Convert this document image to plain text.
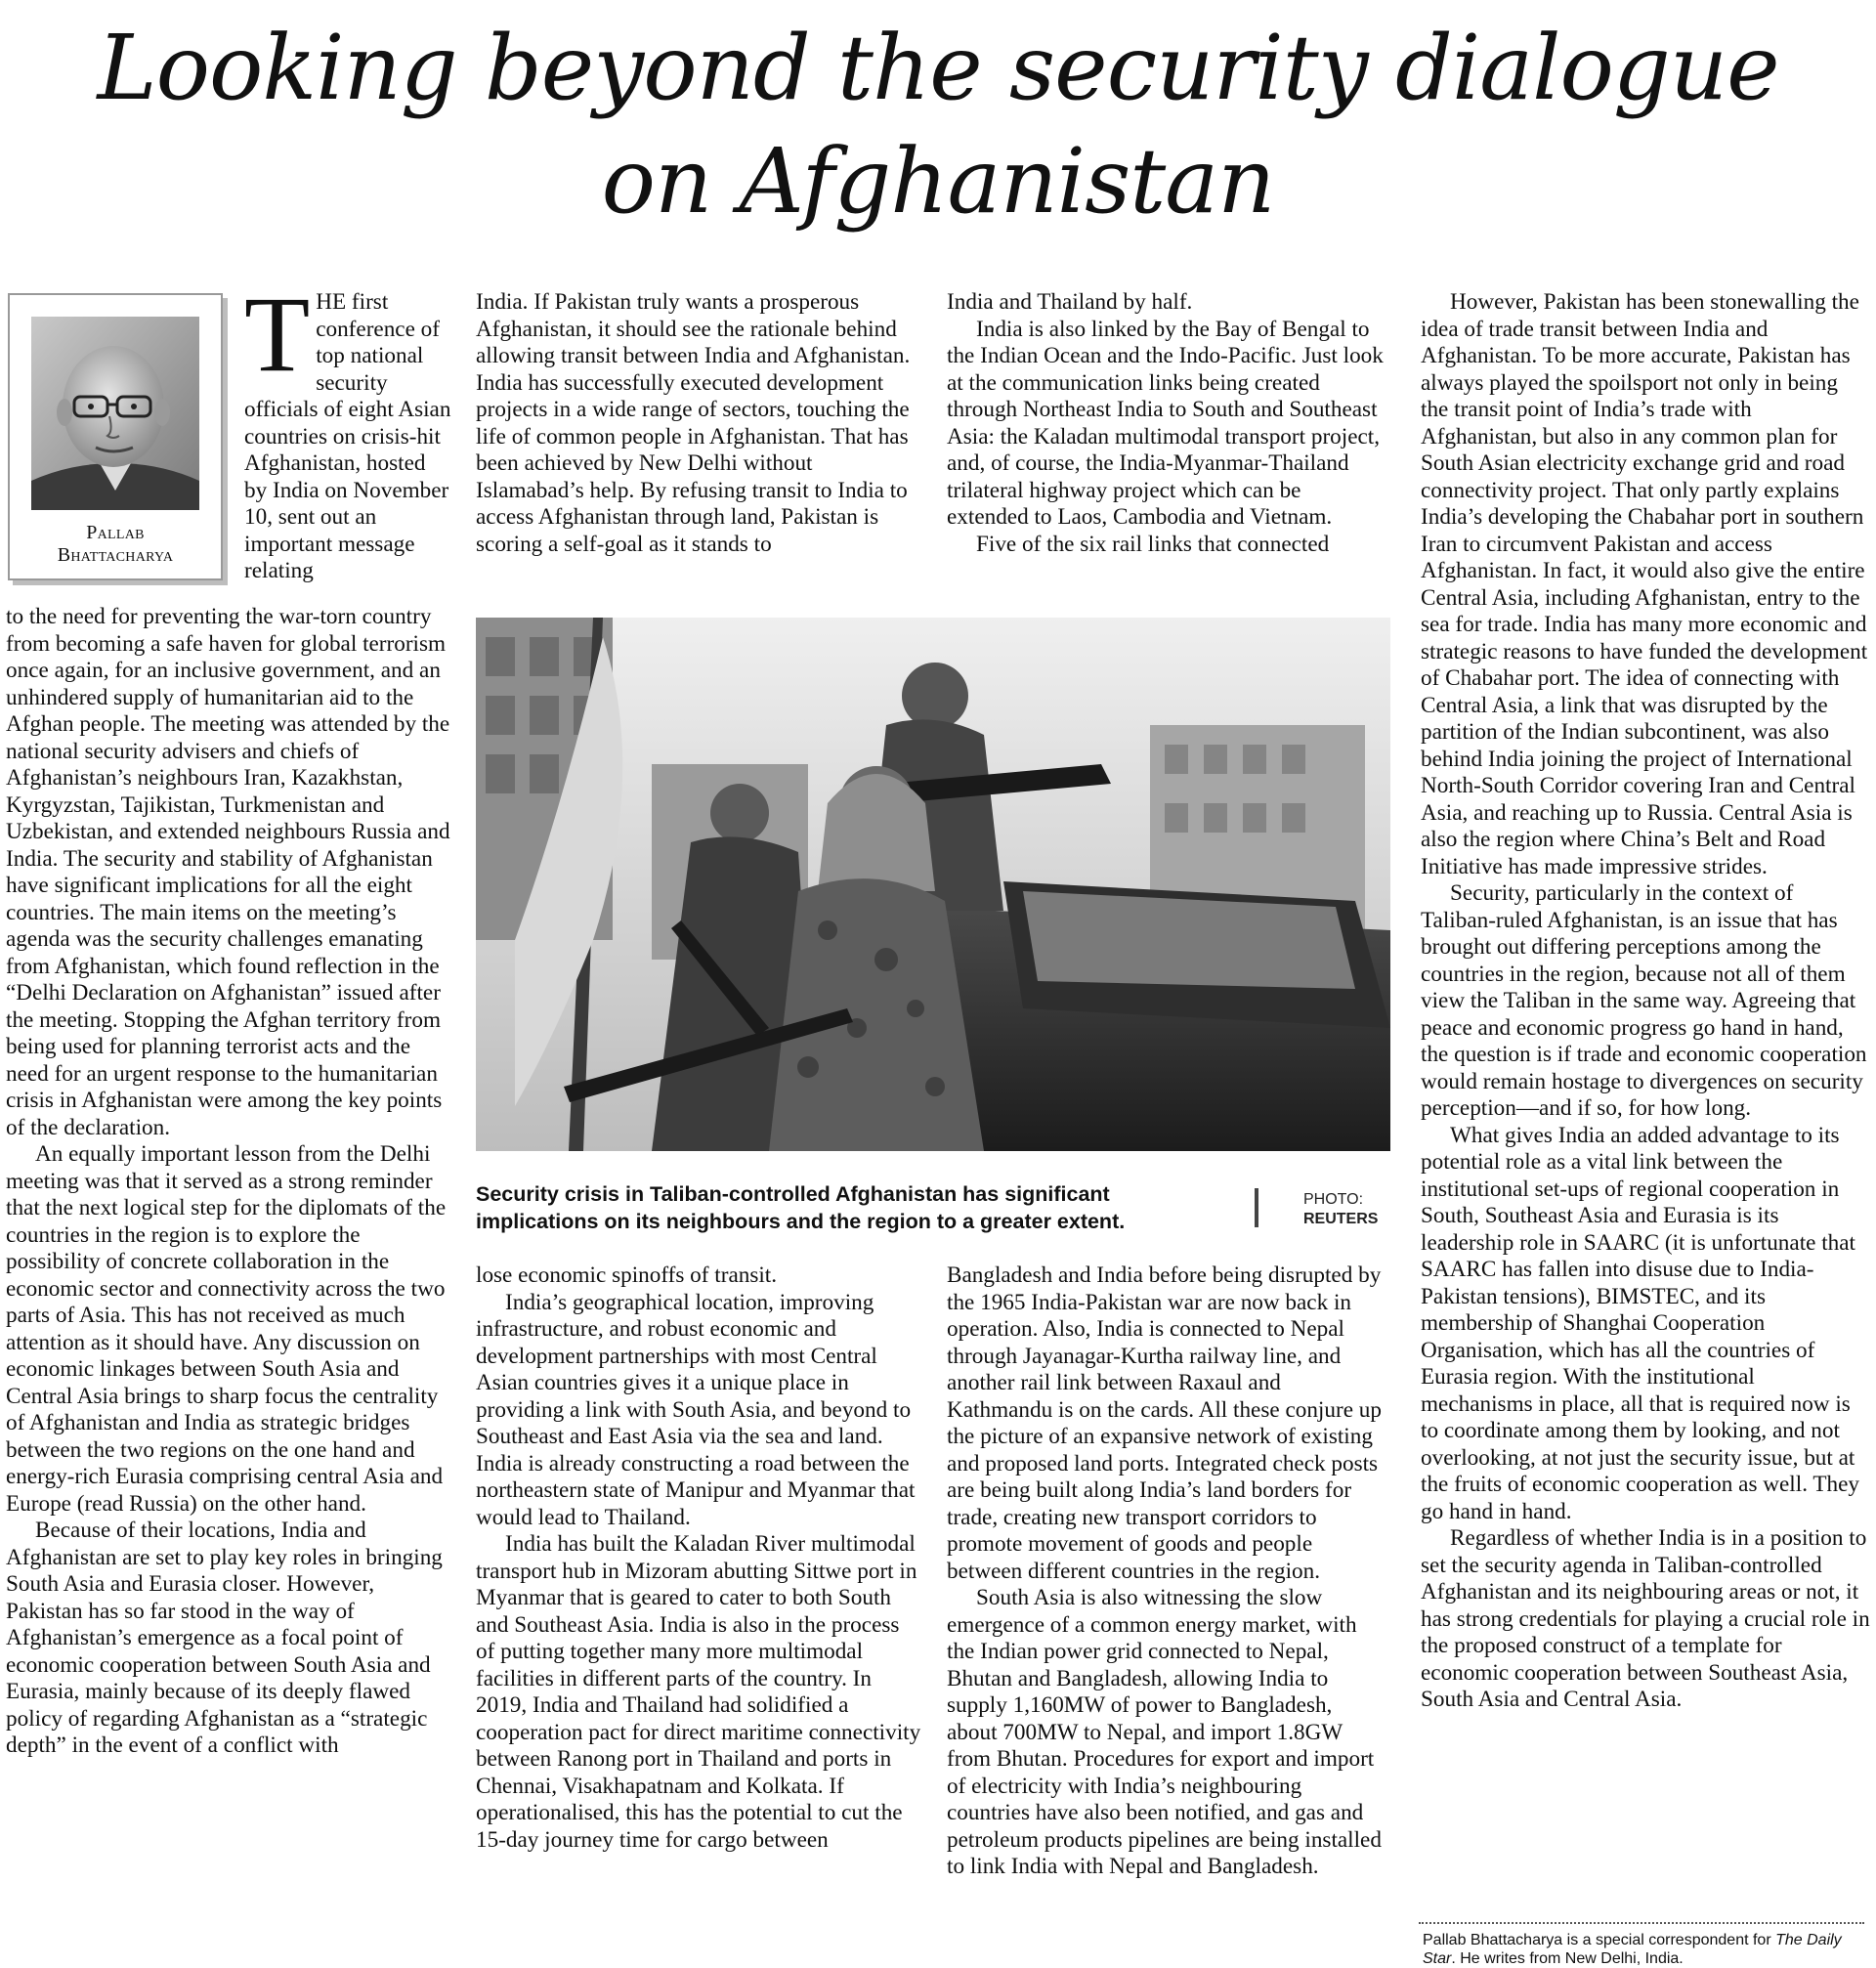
Looking beyond the security dialogue
on Afghanistan
Pallab
Bhattacharya

THE first conference of top national security officials of eight Asian countries on crisis-hit Afghanistan, hosted by India on November 10, sent out an important message relating

to the need for preventing the war-torn country from becoming a safe haven for global terrorism once again, for an inclusive government, and an unhindered supply of humanitarian aid to the Afghan people. The meeting was attended by the national security advisers and chiefs of Afghanistan’s neighbours Iran, Kazakhstan, Kyrgyzstan, Tajikistan, Turkmenistan and Uzbekistan, and extended neighbours Russia and India. The security and stability of Afghanistan have significant implications for all the eight countries. The main items on the meeting’s agenda was the security challenges emanating from Afghanistan, which found reflection in the “Delhi Declaration on Afghanistan” issued after the meeting. Stopping the Afghan territory from being used for planning terrorist acts and the need for an urgent response to the humanitarian crisis in Afghanistan were among the key points of the declaration.

An equally important lesson from the Delhi meeting was that it served as a strong reminder that the next logical step for the diplomats of the countries in the region is to explore the possibility of concrete collaboration in the economic sector and connectivity across the two parts of Asia. This has not received as much attention as it should have. Any discussion on economic linkages between South Asia and Central Asia brings to sharp focus the centrality of Afghanistan and India as strategic bridges between the two regions on the one hand and energy-rich Eurasia comprising central Asia and Europe (read Russia) on the other hand.

Because of their locations, India and Afghanistan are set to play key roles in bringing South Asia and Eurasia closer. However, Pakistan has so far stood in the way of Afghanistan’s emergence as a focal point of economic cooperation between South Asia and Eurasia, mainly because of its deeply flawed policy of regarding Afghanistan as a “strategic depth” in the event of a conflict with

India. If Pakistan truly wants a prosperous Afghanistan, it should see the rationale behind allowing transit between India and Afghanistan. India has successfully executed development projects in a wide range of sectors, touching the life of common people in Afghanistan. That has been achieved by New Delhi without Islamabad’s help. By refusing transit to India to access Afghanistan through land, Pakistan is scoring a self-goal as it stands to

India and Thailand by half.

India is also linked by the Bay of Bengal to the Indian Ocean and the Indo-Pacific. Just look at the communication links being created through Northeast India to South and Southeast Asia: the Kaladan multimodal transport project, and, of course, the India-Myanmar-Thailand trilateral highway project which can be extended to Laos, Cambodia and Vietnam.

Five of the six rail links that connected

Security crisis in Taliban-controlled Afghanistan has significant implications on its neighbours and the region to a greater extent.
PHOTO:
REUTERS

lose economic spinoffs of transit.

India’s geographical location, improving infrastructure, and robust economic and development partnerships with most Central Asian countries gives it a unique place in providing a link with South Asia, and beyond to Southeast and East Asia via the sea and land. India is already constructing a road between the northeastern state of Manipur and Myanmar that would lead to Thailand.

India has built the Kaladan River multimodal transport hub in Mizoram abutting Sittwe port in Myanmar that is geared to cater to both South and Southeast Asia. India is also in the process of putting together many more multimodal facilities in different parts of the country. In 2019, India and Thailand had solidified a cooperation pact for direct maritime connectivity between Ranong port in Thailand and ports in Chennai, Visakhapatnam and Kolkata. If operationalised, this has the potential to cut the 15-day journey time for cargo between

Bangladesh and India before being disrupted by the 1965 India-Pakistan war are now back in operation. Also, India is connected to Nepal through Jayanagar-Kurtha railway line, and another rail link between Raxaul and Kathmandu is on the cards. All these conjure up the picture of an expansive network of existing and proposed land ports. Integrated check posts are being built along India’s land borders for trade, creating new transport corridors to promote movement of goods and people between different countries in the region.

South Asia is also witnessing the slow emergence of a common energy market, with the Indian power grid connected to Nepal, Bhutan and Bangladesh, allowing India to supply 1,160MW of power to Bangladesh, about 700MW to Nepal, and import 1.8GW from Bhutan. Procedures for export and import of electricity with India’s neighbouring countries have also been notified, and gas and petroleum products pipelines are being installed to link India with Nepal and Bangladesh.

However, Pakistan has been stonewalling the idea of trade transit between India and Afghanistan. To be more accurate, Pakistan has always played the spoilsport not only in being the transit point of India’s trade with Afghanistan, but also in any common plan for South Asian electricity exchange grid and road connectivity project. That only partly explains India’s developing the Chabahar port in southern Iran to circumvent Pakistan and access Afghanistan. In fact, it would also give the entire Central Asia, including Afghanistan, entry to the sea for trade. India has many more economic and strategic reasons to have funded the development of Chabahar port. The idea of connecting with Central Asia, a link that was disrupted by the partition of the Indian subcontinent, was also behind India joining the project of International North-South Corridor covering Iran and Central Asia, and reaching up to Russia. Central Asia is also the region where China’s Belt and Road Initiative has made impressive strides.

Security, particularly in the context of Taliban-ruled Afghanistan, is an issue that has brought out differing perceptions among the countries in the region, because not all of them view the Taliban in the same way. Agreeing that peace and economic progress go hand in hand, the question is if trade and economic cooperation would remain hostage to divergences on security perception—and if so, for how long.

What gives India an added advantage to its potential role as a vital link between the institutional set-ups of regional cooperation in South, Southeast Asia and Eurasia is its leadership role in SAARC (it is unfortunate that SAARC has fallen into disuse due to India-Pakistan tensions), BIMSTEC, and its membership of Shanghai Cooperation Organisation, which has all the countries of Eurasia region. With the institutional mechanisms in place, all that is required now is to coordinate among them by looking, and not overlooking, at not just the security issue, but at the fruits of economic cooperation as well. They go hand in hand.

Regardless of whether India is in a position to set the security agenda in Taliban-controlled Afghanistan and its neighbouring areas or not, it has strong credentials for playing a crucial role in the proposed construct of a template for economic cooperation between Southeast Asia, South Asia and Central Asia.

Pallab Bhattacharya is a special correspondent for The Daily Star. He writes from New Delhi, India.
